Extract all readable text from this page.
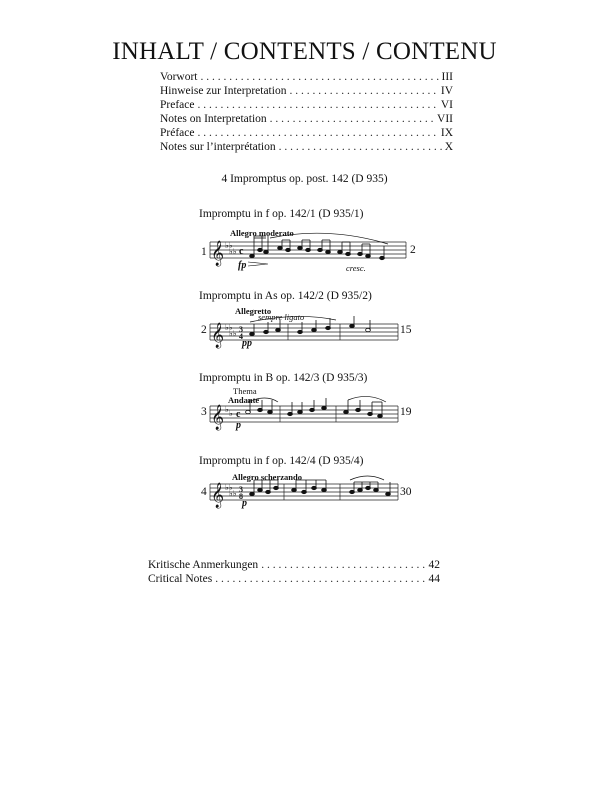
INHALT / CONTENTS / CONTENU
Vorwort . . .	III
Hinweise zur Interpretation . . .	IV
Preface . . .	VI
Notes on Interpretation . . .	VII
Préface . . .	IX
Notes sur l’interprétation . . .	X
4 Impromptus op. post. 142 (D 935)
Impromptu in f op. 142/1 (D 935/1)
1
Allegro moderato
𝄞 ♭♭
♭♭ c
fp	cresc.
2
Impromptu in As op. 142/2 (D 935/2)
2
Allegretto
sempre ligato
𝄞 ♭♭
♭♭ 3
4
pp
15
Impromptu in B op. 142/3 (D 935/3)
Thema
Andante
3 𝄞 ♭ ♭ c
p
19
Impromptu in f op. 142/4 (D 935/4)
Allegro scherzando
4 𝄞 ♭♭
♭♭ 3
8
p
30
Kritische Anmerkungen . . .	42
Critical Notes . . .	44
